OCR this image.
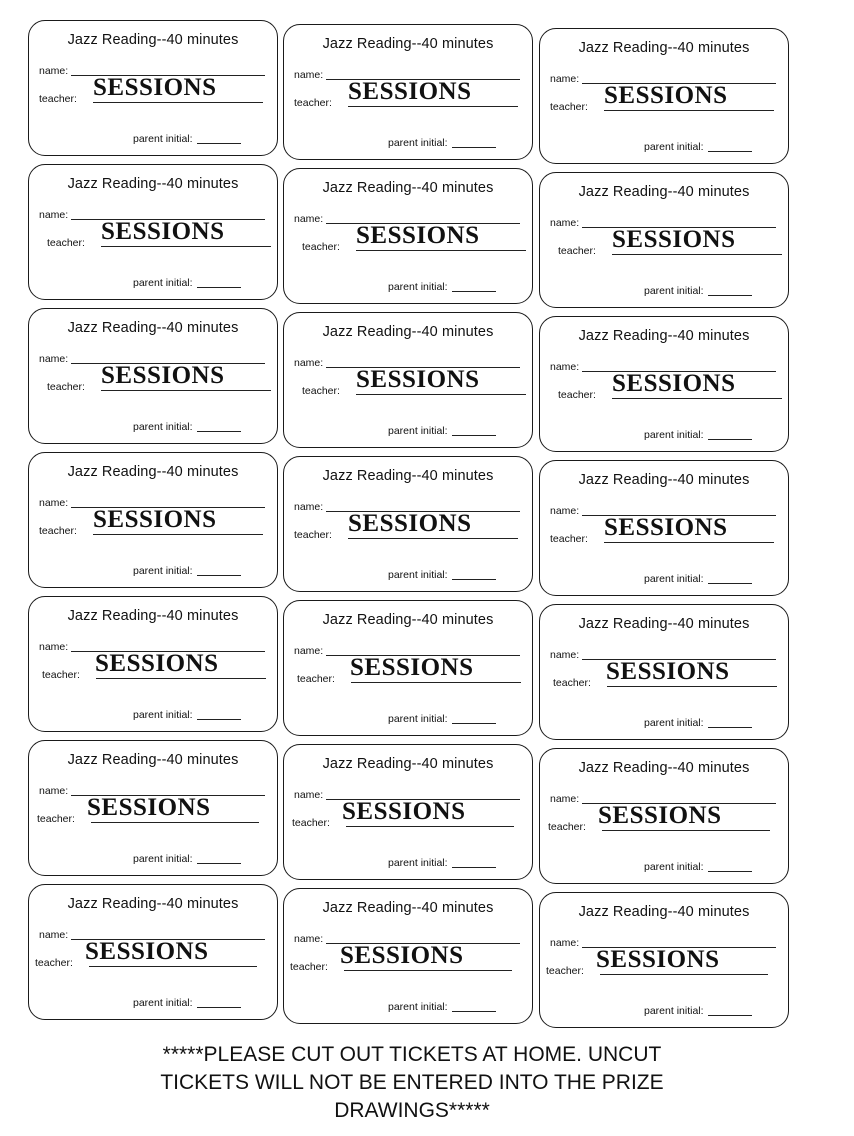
Jazz Reading--40 minutes
name:
teacher: SESSIONS
parent initial:
Jazz Reading--40 minutes
name:
teacher: SESSIONS
parent initial:
Jazz Reading--40 minutes
name:
teacher: SESSIONS
parent initial:
Jazz Reading--40 minutes
name:
teacher: SESSIONS
parent initial:
Jazz Reading--40 minutes
name:
teacher: SESSIONS
parent initial:
Jazz Reading--40 minutes
name:
teacher: SESSIONS
parent initial:
Jazz Reading--40 minutes
name:
teacher: SESSIONS
parent initial:
Jazz Reading--40 minutes
name:
teacher: SESSIONS
parent initial:
Jazz Reading--40 minutes
name:
teacher: SESSIONS
parent initial:
Jazz Reading--40 minutes
name:
teacher: SESSIONS
parent initial:
Jazz Reading--40 minutes
name:
teacher: SESSIONS
parent initial:
Jazz Reading--40 minutes
name:
teacher: SESSIONS
parent initial:
Jazz Reading--40 minutes
name:
teacher: SESSIONS
parent initial:
Jazz Reading--40 minutes
name:
teacher: SESSIONS
parent initial:
Jazz Reading--40 minutes
name:
teacher: SESSIONS
parent initial:
Jazz Reading--40 minutes
name:
teacher: SESSIONS
parent initial:
Jazz Reading--40 minutes
name:
teacher: SESSIONS
parent initial:
Jazz Reading--40 minutes
name:
teacher: SESSIONS
parent initial:
Jazz Reading--40 minutes
name:
teacher: SESSIONS
parent initial:
Jazz Reading--40 minutes
name:
teacher: SESSIONS
parent initial:
Jazz Reading--40 minutes
name:
teacher: SESSIONS
parent initial:
*****PLEASE CUT OUT TICKETS AT HOME. UNCUT TICKETS WILL NOT BE ENTERED INTO THE PRIZE DRAWINGS*****
